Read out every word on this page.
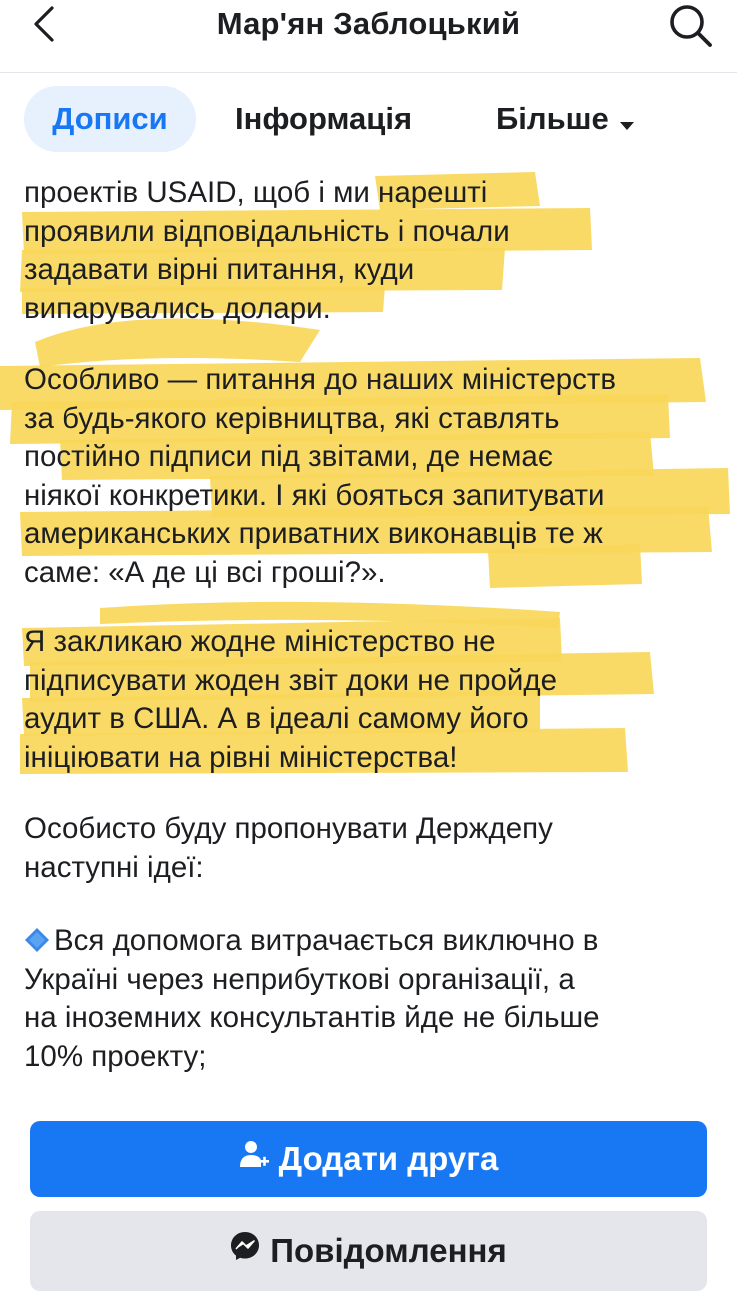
Мар'ян Заблоцький
Дописи	Інформація	Більше

проектів USAID, щоб і ми нарешті
проявили відповідальність і почали
задавати вірні питання, куди
випарувались долари.

Особливо — питання до наших міністерств
за будь-якого керівництва, які ставлять
постійно підписи під звітами, де немає
ніякої конкретики. І які бояться запитувати
американських приватних виконавців те ж
саме: «А де ці всі гроші?».

Я закликаю жодне міністерство не
підписувати жоден звіт доки не пройде
аудит в США. А в ідеалі самому його
ініціювати на рівні міністерства!

Особисто буду пропонувати Держдепу
наступні ідеї:

Вся допомога витрачається виключно в
Україні через неприбуткові організації, а
на іноземних консультантів йде не більше
10% проекту;

Додати друга
Повідомлення
